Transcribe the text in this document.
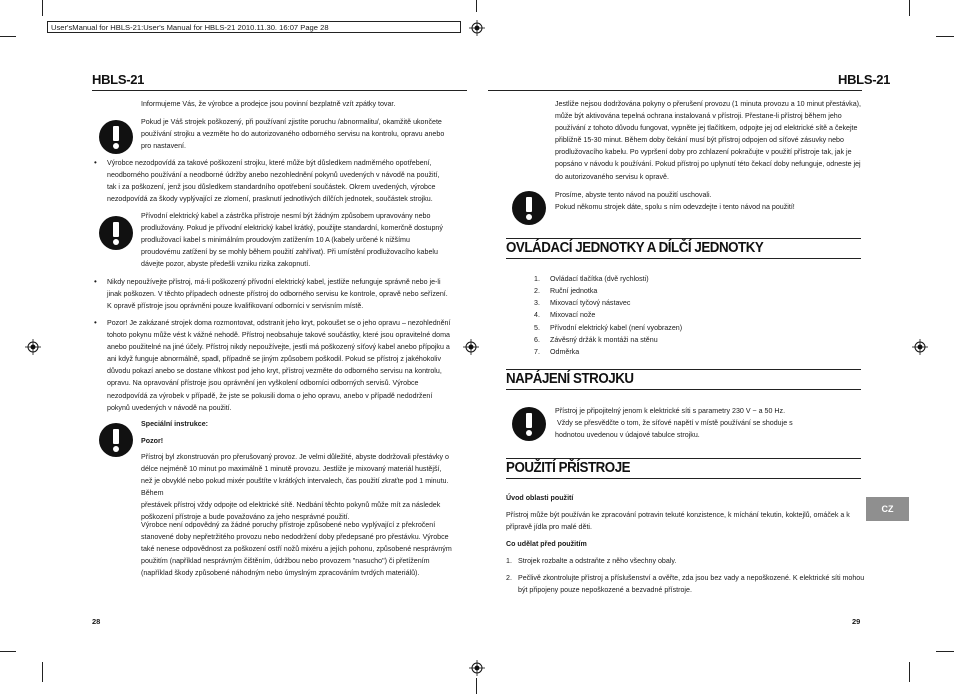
User'sManual for HBLS-21:User's Manual for HBLS-21 2010.11.30. 16:07 Page 28
HBLS-21

Informujeme Vás, že výrobce a prodejce jsou povinní bezplatně vzít zpátky tovar.

Pokud je Váš strojek poškozený, při používaní zjistíte poruchu /abnormalitu/, okamžitě ukončete

používání strojku a vezměte ho do autorizovaného odborného servisu na kontrolu, opravu anebo

pro nastavení.

• Výrobce nezodpovídá za takové poškození strojku, které může být důsledkem nadměrného opotřebení,

neodborného používání a neodborné údržby anebo nezohlednění pokynů uvedených v návodě na použití,

tak i za poškození, jenž jsou důsledkem standardního opotřebení součástek. Okrem uvedených, výrobce

nezodpovídá za škody vyplývající ze zlomení, prasknutí jednotlivých dílčích jednotek, součástek strojku.

Přívodní elektrický kabel a zástrčka přístroje nesmí být žádným způsobem upravovány nebo

prodlužovány. Pokud je přívodní elektrický kabel krátký, použijte standardní, komerčně dostupný

prodlužovací kabel s minimálním proudovým zatížením 10 A (kabely určené k nižšímu

proudovému zatížení by se mohly během použití zahřívat). Při umístění prodlužovacího kabelu

dávejte pozor, abyste předešli vzniku rizika zakopnutí.

• Nikdy nepoužívejte přístroj, má-li poškozený přívodní elektrický kabel, jestliže nefunguje správně nebo je-li

jinak poškozen. V těchto případech odneste přístroj do odborného servisu ke kontrole, opravě nebo seřízení.

K opravě přístroje jsou oprávněni pouze kvalifikovaní odborníci v servisním místě.

• Pozor! Je zakázané strojek doma rozmontovat, odstranit jeho kryt, pokoušet se o jeho opravu – nezohlednění

tohoto pokynu může vést k vážné nehodě. Přístroj neobsahuje takové součástky, které jsou opravitelné doma

anebo použitelné na jiné účely. Přístroj nikdy nepoužívejte, jestli má poškozený síťový kabel anebo přípojku a

ani když funguje abnormálně, spadl, případně se jiným způsobem poškodil. Pokud se přístroj z jakéhokoliv

důvodu pokazí anebo se dostane vlhkost pod jeho kryt, přístroj vezměte do odborného servisu na kontrolu,

opravu. Na opravování přístroje jsou oprávnění jen vyškolení odborníci odborných servisů. Výrobce

nezodpovídá za výrobek v případě, že jste se pokusili doma o jeho opravu, anebo v případě nedodržení

pokynů uvedených v návodě na použití.

Speciální instrukce:

Pozor!

Přístroj byl zkonstruován pro přerušovaný provoz. Je velmi důležité, abyste dodržovali přestávky o

délce nejméně 10 minut po maximálně 1 minutě provozu. Jestliže je mixovaný materiál hustější,

než je obvyklé nebo pokud mixér pouštíte v krátkých intervalech, čas použití zkraťte pod 1 minutu. Během

přestávek přístroj vždy odpojte od elektrické sítě. Nedbání těchto pokynů může mít za následek

poškození přístroje a bude považováno za jeho nesprávné použití.

Výrobce není odpovědný za žádné poruchy přístroje způsobené nebo vyplývající z překročení

stanovené doby nepřetržitého provozu nebo nedodržení doby předepsané pro přestávku. Výrobce

také nenese odpovědnost za poškození ostří nožů mixéru a jejích pohonu, způsobené nesprávným

použitím (například nesprávným čištěním, údržbou nebo provozem "nasucho") či přetížením

(například škody způsobené náhodným nebo úmyslným zpracováním tvrdých materiálů).

28
HBLS-21

Jestliže nejsou dodržována pokyny o přerušení provozu (1 minuta provozu a 10 minut přestávka),

může být aktivována tepelná ochrana instalovaná v přístroji. Přestane-li přístroj během jeho

používání z tohoto důvodu fungovat, vypněte jej tlačítkem, odpojte jej od elektrické sítě a čekejte

přibližně 15-30 minut. Během doby čekání musí být přístroj odpojen od síťové zásuvky nebo

prodlužovacího kabelu. Po vypršení doby pro zchlazení pokračujte v použití přístroje tak, jak je

popsáno v návodu k používání. Pokud přístroj po uplynutí této čekací doby nefunguje, odneste jej

do autorizovaného servisu k opravě.

Prosíme, abyste tento návod na použití uschovali.

Pokud někomu strojek dáte, spolu s ním odevzdejte i tento návod na použití!

OVLÁDACÍ JEDNOTKY A DÍLČÍ JEDNOTKY
1. Ovládací tlačítka (dvě rychlosti)
2. Ruční jednotka
3. Mixovací tyčový nástavec
4. Mixovací nože
5. Přívodní elektrický kabel (není vyobrazen)
6. Závěsný držák k montáži na stěnu
7. Odměrka
NAPÁJENÍ STROJKU

Přístroj je připojitelný jenom k elektrické síti s parametry 230 V ~ a 50 Hz.

Vždy se přesvědčte o tom, že síťové napětí v místě používání se shoduje s

hodnotou uvedenou v údajové tabulce strojku.

POUŽITÍ PŘÍSTROJE

Úvod oblasti použití

Přístroj může být používán ke zpracování potravin tekuté konzistence, k míchání tekutin, koktejlů, omáček a k

přípravě jídla pro malé děti.

Co udělat před použitím

1. Strojek rozbalte a odstraňte z něho všechny obaly.
2. Pečlivě zkontrolujte přístroj a příslušenství a ověřte, zda jsou bez vady a nepoškozené. K elektrické síti mohou
být připojeny pouze nepoškozené a bezvadné přístroje.
CZ
29
